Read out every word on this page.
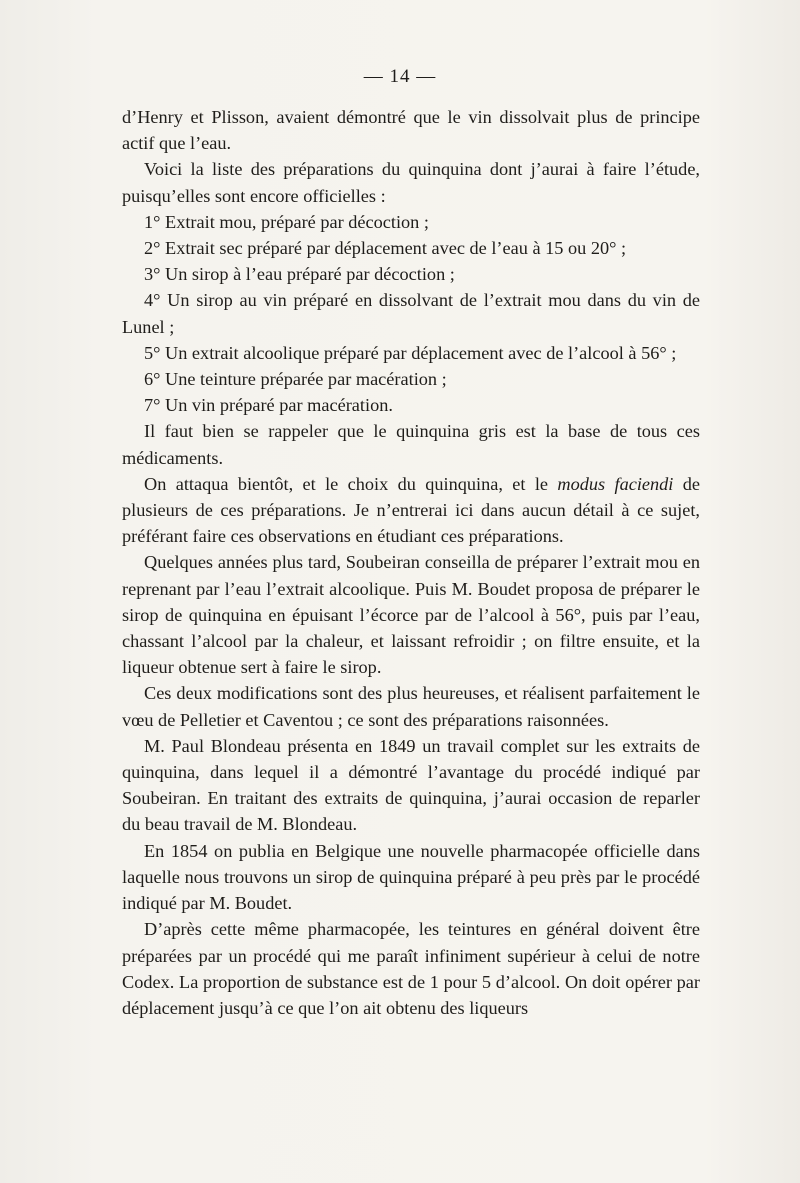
— 14 —

d’Henry et Plisson, avaient démontré que le vin dissolvait plus de principe actif que l’eau.

Voici la liste des préparations du quinquina dont j’aurai à faire l’étude, puisqu’elles sont encore officielles :

1° Extrait mou, préparé par décoction ;

2° Extrait sec préparé par déplacement avec de l’eau à 15 ou 20° ;

3° Un sirop à l’eau préparé par décoction ;

4° Un sirop au vin préparé en dissolvant de l’extrait mou dans du vin de Lunel ;

5° Un extrait alcoolique préparé par déplacement avec de l’alcool à 56° ;

6° Une teinture préparée par macération ;

7° Un vin préparé par macération.

Il faut bien se rappeler que le quinquina gris est la base de tous ces médicaments.

On attaqua bientôt, et le choix du quinquina, et le modus faciendi de plusieurs de ces préparations. Je n’entrerai ici dans aucun détail à ce sujet, préférant faire ces observations en étudiant ces préparations.

Quelques années plus tard, Soubeiran conseilla de préparer l’extrait mou en reprenant par l’eau l’extrait alcoolique. Puis M. Boudet proposa de préparer le sirop de quinquina en épuisant l’écorce par de l’alcool à 56°, puis par l’eau, chassant l’alcool par la chaleur, et laissant refroidir ; on filtre ensuite, et la liqueur obtenue sert à faire le sirop.

Ces deux modifications sont des plus heureuses, et réalisent parfaitement le vœu de Pelletier et Caventou ; ce sont des préparations raisonnées.

M. Paul Blondeau présenta en 1849 un travail complet sur les extraits de quinquina, dans lequel il a démontré l’avantage du procédé indiqué par Soubeiran. En traitant des extraits de quinquina, j’aurai occasion de reparler du beau travail de M. Blondeau.

En 1854 on publia en Belgique une nouvelle pharmacopée officielle dans laquelle nous trouvons un sirop de quinquina préparé à peu près par le procédé indiqué par M. Boudet.

D’après cette même pharmacopée, les teintures en général doivent être préparées par un procédé qui me paraît infiniment supérieur à celui de notre Codex. La proportion de substance est de 1 pour 5 d’alcool. On doit opérer par déplacement jusqu’à ce que l’on ait obtenu des liqueurs
